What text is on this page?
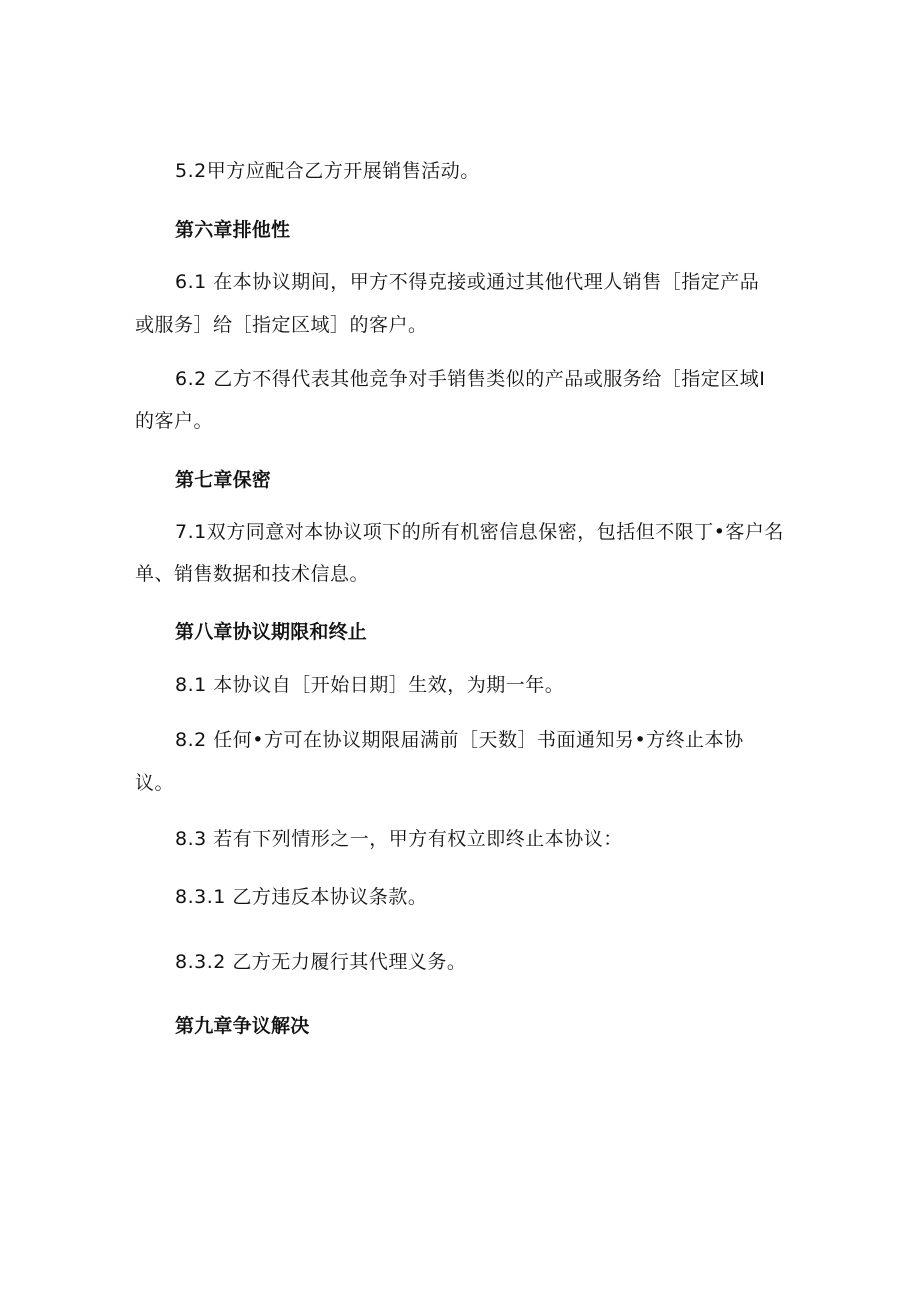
5.2甲方应配合乙方开展销售活动。
第六章排他性
6.1 在本协议期间，甲方不得克接或通过其他代理人销售［指定产品
或服务］给［指定区域］的客户。
6.2 乙方不得代表其他竞争对手销售类似的产品或服务给［指定区域I
的客户。
第七章保密
7.1双方同意对本协议项下的所有机密信息保密，包括但不限丁•客户名
单、销售数据和技术信息。
第八章协议期限和终止
8.1 本协议自［开始日期］生效，为期一年。
8.2 任何•方可在协议期限届满前［天数］书面通知另•方终止本协
议。
8.3 若有下列情形之一，甲方有权立即终止本协议：
8.3.1 乙方违反本协议条款。
8.3.2 乙方无力履行其代理义务。
第九章争议解决
